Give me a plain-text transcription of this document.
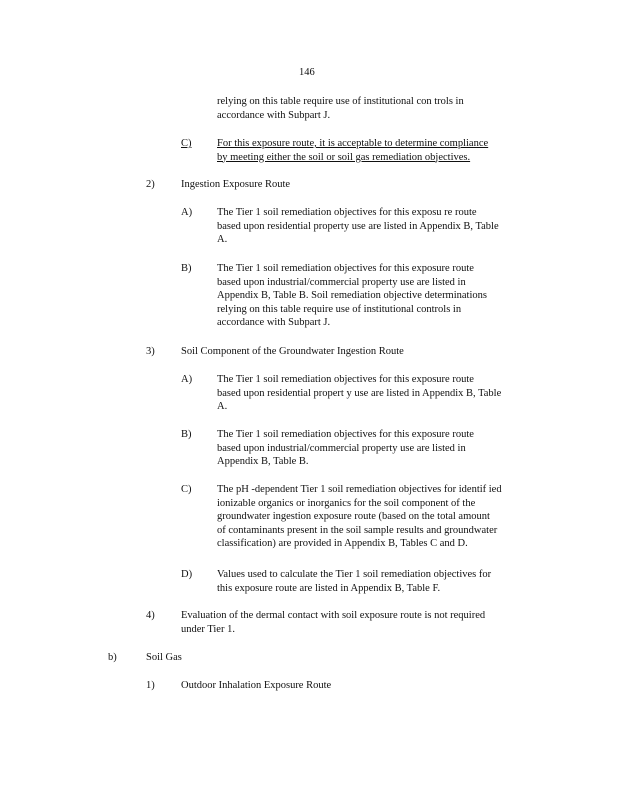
146
relying on this table require use of institutional con trols in
accordance with Subpart J.
C) For this exposure route, it is acceptable to determine compliance
by meeting either the soil or soil gas remediation objectives.
2)	Ingestion Exposure Route
A) The Tier 1 soil remediation objectives for this exposu re route
based upon residential property use are listed in Appendix B, Table
A.
B) The Tier 1 soil remediation objectives for this exposure route
based upon industrial/commercial property use are listed in
Appendix B, Table B. Soil remediation objective determinations
relying on this table require use of institutional controls in
accordance with Subpart J.
3)	Soil Component of the Groundwater Ingestion Route
A) The Tier 1 soil remediation objectives for this exposure route
based upon residential propert y use are listed in Appendix B, Table
A.
B) The Tier 1 soil remediation objectives for this exposure route
based upon industrial/commercial property use are listed in
Appendix B, Table B.
C) The pH -dependent Tier 1 soil remediation objectives for identif ied
ionizable organics or inorganics for the soil component of the
groundwater ingestion exposure route (based on the total amount
of contaminants present in the soil sample results and groundwater
classification) are provided in Appendix B, Tables C and D.
D) Values used to calculate the Tier 1 soil remediation objectives for
this exposure route are listed in Appendix B, Table F.
4)	Evaluation of the dermal contact with soil exposure route is not required
under Tier 1.
b)	Soil Gas
1)	Outdoor Inhalation Exposure Route
